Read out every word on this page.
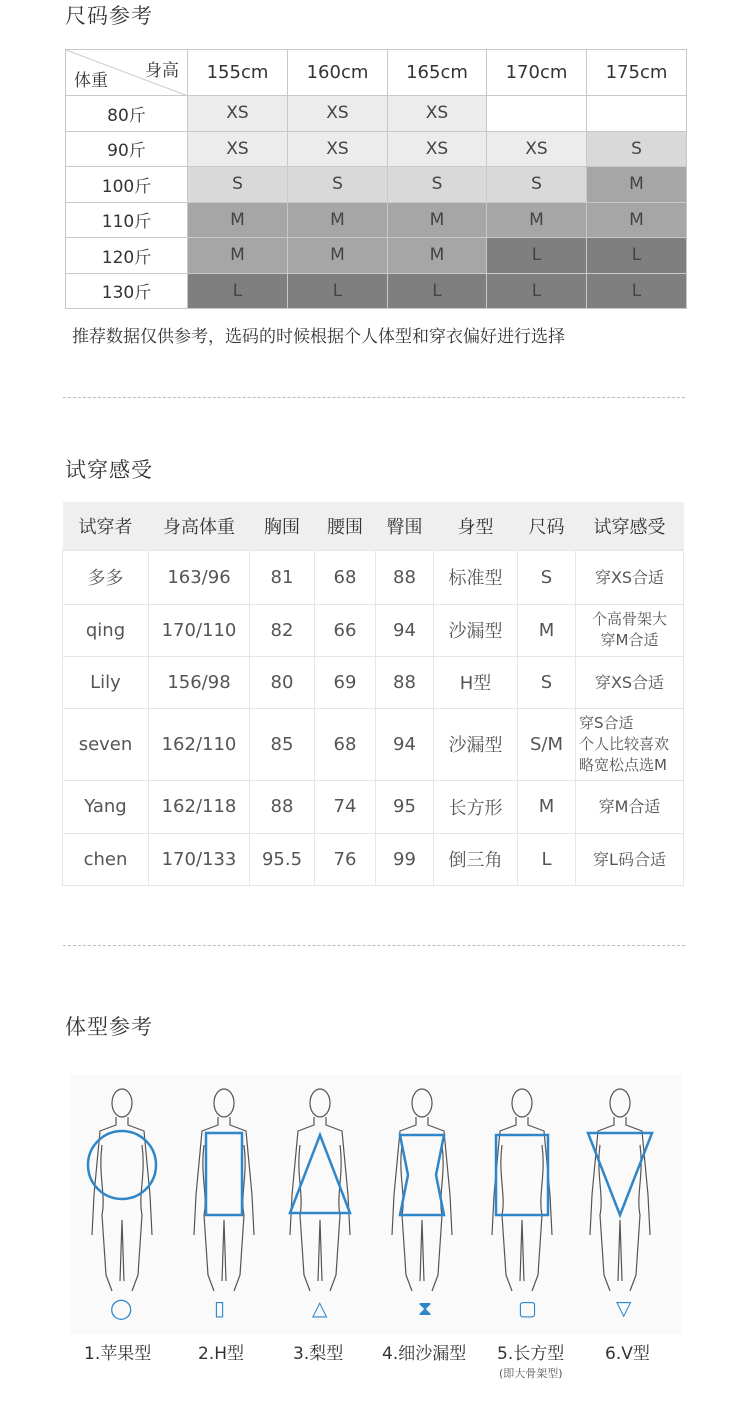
尺码参考
身高
体重	155cm	160cm	165cm	170cm	175cm
80斤	XS	XS	XS		
90斤	XS	XS	XS	XS	S
100斤	S	S	S	S	M
110斤	M	M	M	M	M
120斤	M	M	M	L	L
130斤	L	L	L	L	L
推荐数据仅供参考，选码的时候根据个人体型和穿衣偏好进行选择
试穿感受
试穿者	身高体重	胸围	腰围	臀围	身型	尺码	试穿感受
多多	163/96	81	68	88	标准型	S	穿XS合适

qing	170/110	82	66	94	沙漏型	M	个高骨架大
穿M合适

Lily	156/98	80	69	88	H型	S	穿XS合适

seven	162/110	85	68	94	沙漏型	S/M	穿S合适
个人比较喜欢
略宽松点选M

Yang	162/118	88	74	95	长方形	M	穿M合适

chen	170/133	95.5	76	99	倒三角	L	穿L码合适
体型参考
◯	▯	△	⧗	▢	▽
1.苹果型	2.H型	3.梨型 4.细沙漏型 5.长方型 6.V型
(即大骨架型)
